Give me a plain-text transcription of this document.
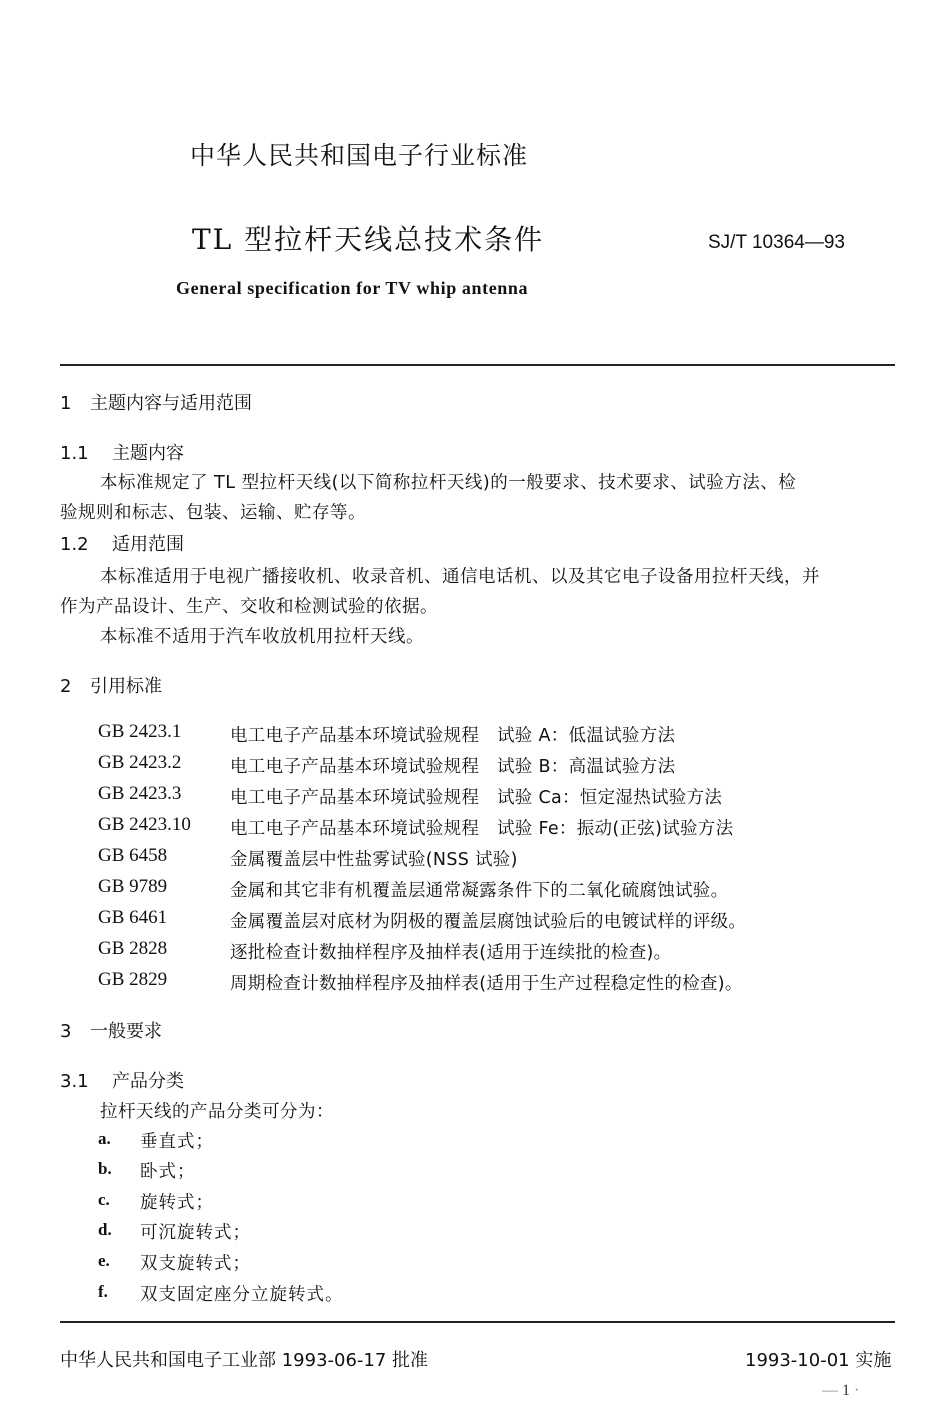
中华人民共和国电子行业标准
TL 型拉杆天线总技术条件	SJ/T 10364—93
General specification for TV whip antenna
1 主题内容与适用范围
1.1 主题内容
本标准规定了 TL 型拉杆天线(以下简称拉杆天线)的一般要求、技术要求、试验方法、检
验规则和标志、包装、运输、贮存等。
1.2 适用范围
本标准适用于电视广播接收机、收录音机、通信电话机、以及其它电子设备用拉杆天线，并
作为产品设计、生产、交收和检测试验的依据。
本标准不适用于汽车收放机用拉杆天线。
2 引用标准
GB 2423.1	电工电子产品基本环境试验规程　试验 A：低温试验方法
GB 2423.2	电工电子产品基本环境试验规程　试验 B：高温试验方法
GB 2423.3	电工电子产品基本环境试验规程　试验 Ca：恒定湿热试验方法
GB 2423.10 电工电子产品基本环境试验规程　试验 Fe：振动(正弦)试验方法
GB 6458	金属覆盖层中性盐雾试验(NSS 试验)
GB 9789	金属和其它非有机覆盖层通常凝露条件下的二氧化硫腐蚀试验。
GB 6461	金属覆盖层对底材为阴极的覆盖层腐蚀试验后的电镀试样的评级。
GB 2828	逐批检查计数抽样程序及抽样表(适用于连续批的检查)。
GB 2829	周期检查计数抽样程序及抽样表(适用于生产过程稳定性的检查)。
3 一般要求
3.1 产品分类
拉杆天线的产品分类可分为：
a. 垂直式；
b. 卧式；
c. 旋转式；
d. 可沉旋转式；
e. 双支旋转式；
f. 双支固定座分立旋转式。
中华人民共和国电子工业部 1993-06-17 批准	1993-10-01 实施
— 1 ·
